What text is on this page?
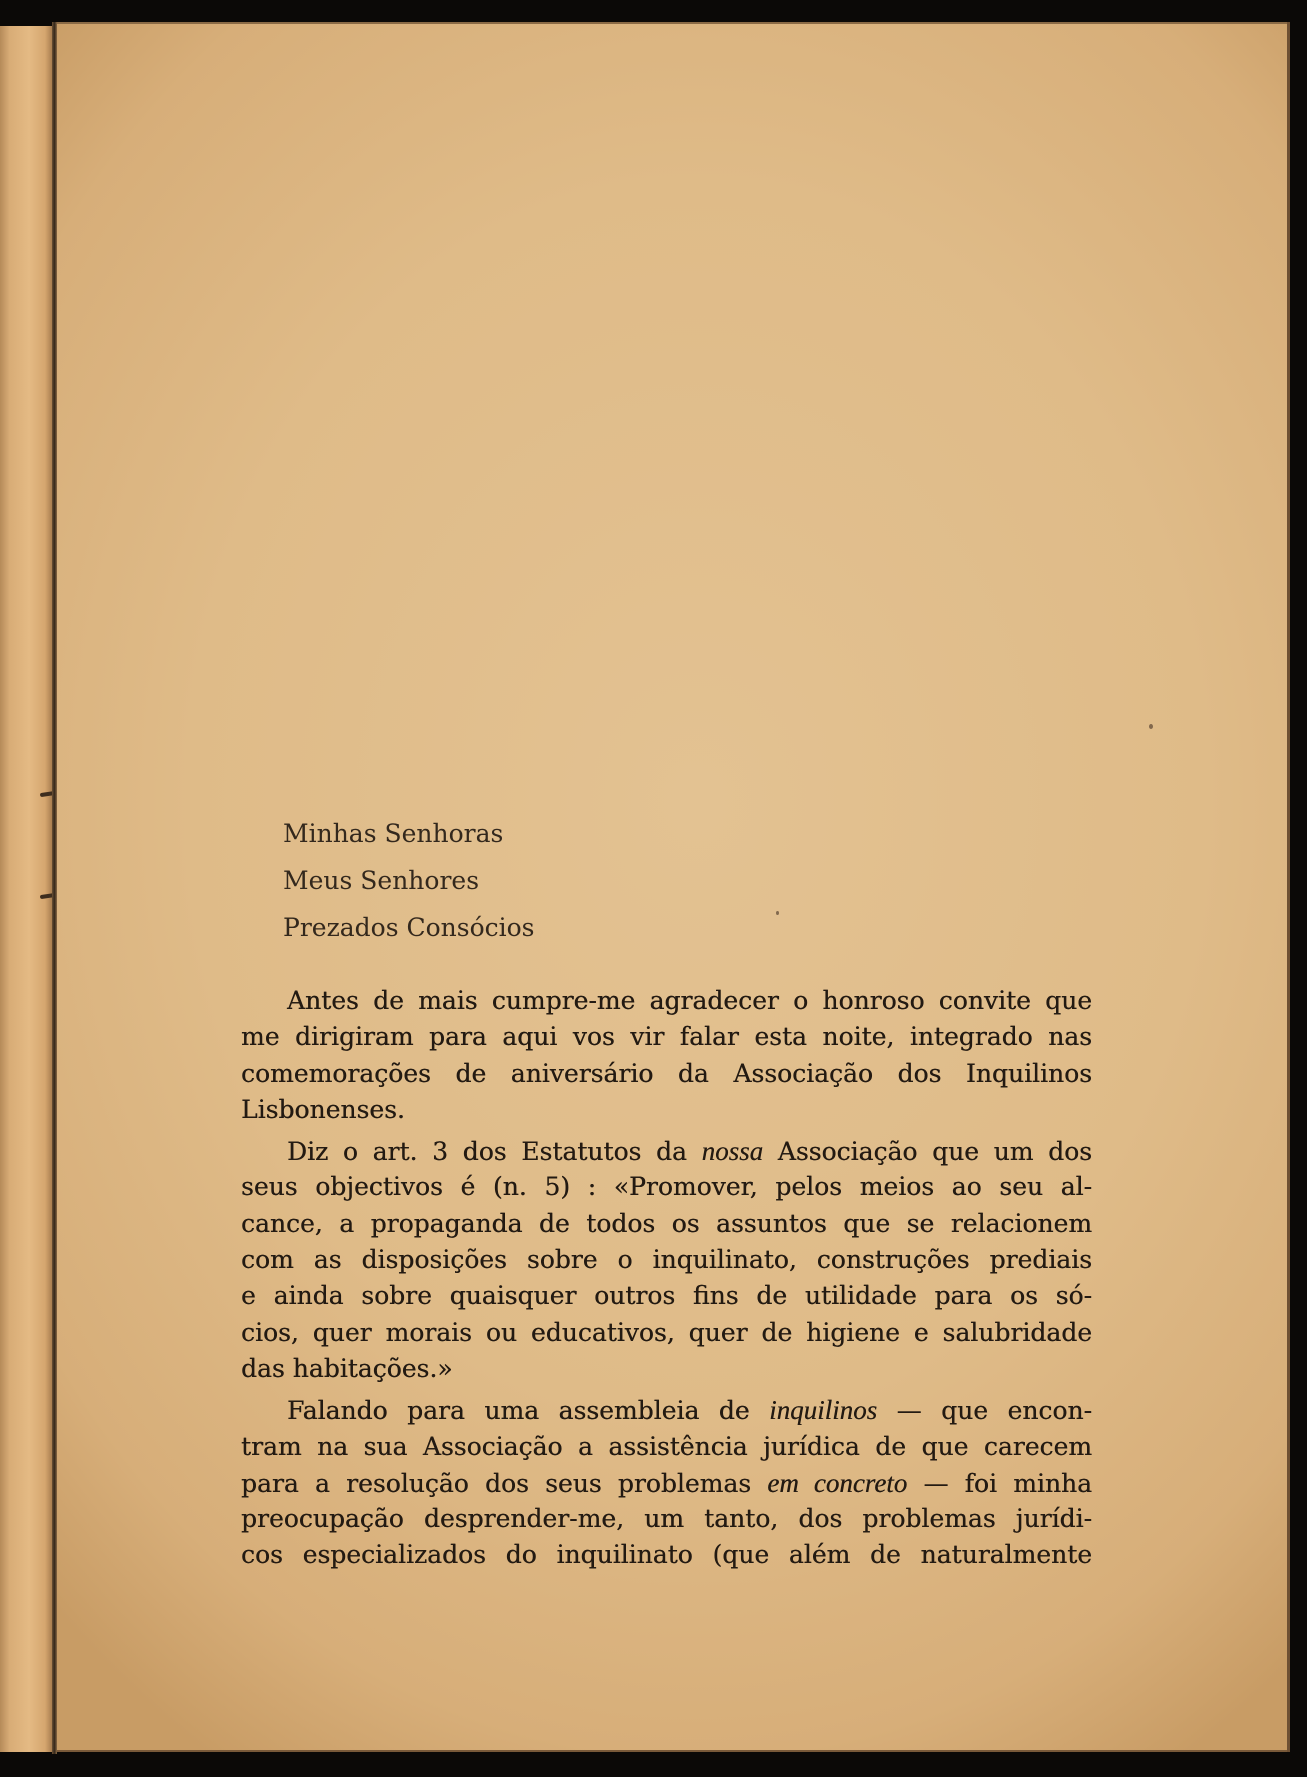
Minhas Senhoras
Meus Senhores
Prezados Consócios
Antes de mais cumpre-me agradecer o honroso convite que
me dirigiram para aqui vos vir falar esta noite, integrado nas
comemorações de aniversário da Associação dos Inquilinos
Lisbonenses.
Diz o art. 3 dos Estatutos da nossa Associação que um dos
seus objectivos é (n. 5) : «Promover, pelos meios ao seu al-
cance, a propaganda de todos os assuntos que se relacionem
com as disposições sobre o inquilinato, construções prediais
e ainda sobre quaisquer outros fins de utilidade para os só-
cios, quer morais ou educativos, quer de higiene e salubridade
das habitações.»
Falando para uma assembleia de inquilinos — que encon-
tram na sua Associação a assistência jurídica de que carecem
para a resolução dos seus problemas em concreto — foi minha
preocupação desprender-me, um tanto, dos problemas jurídi-
cos especializados do inquilinato (que além de naturalmente
